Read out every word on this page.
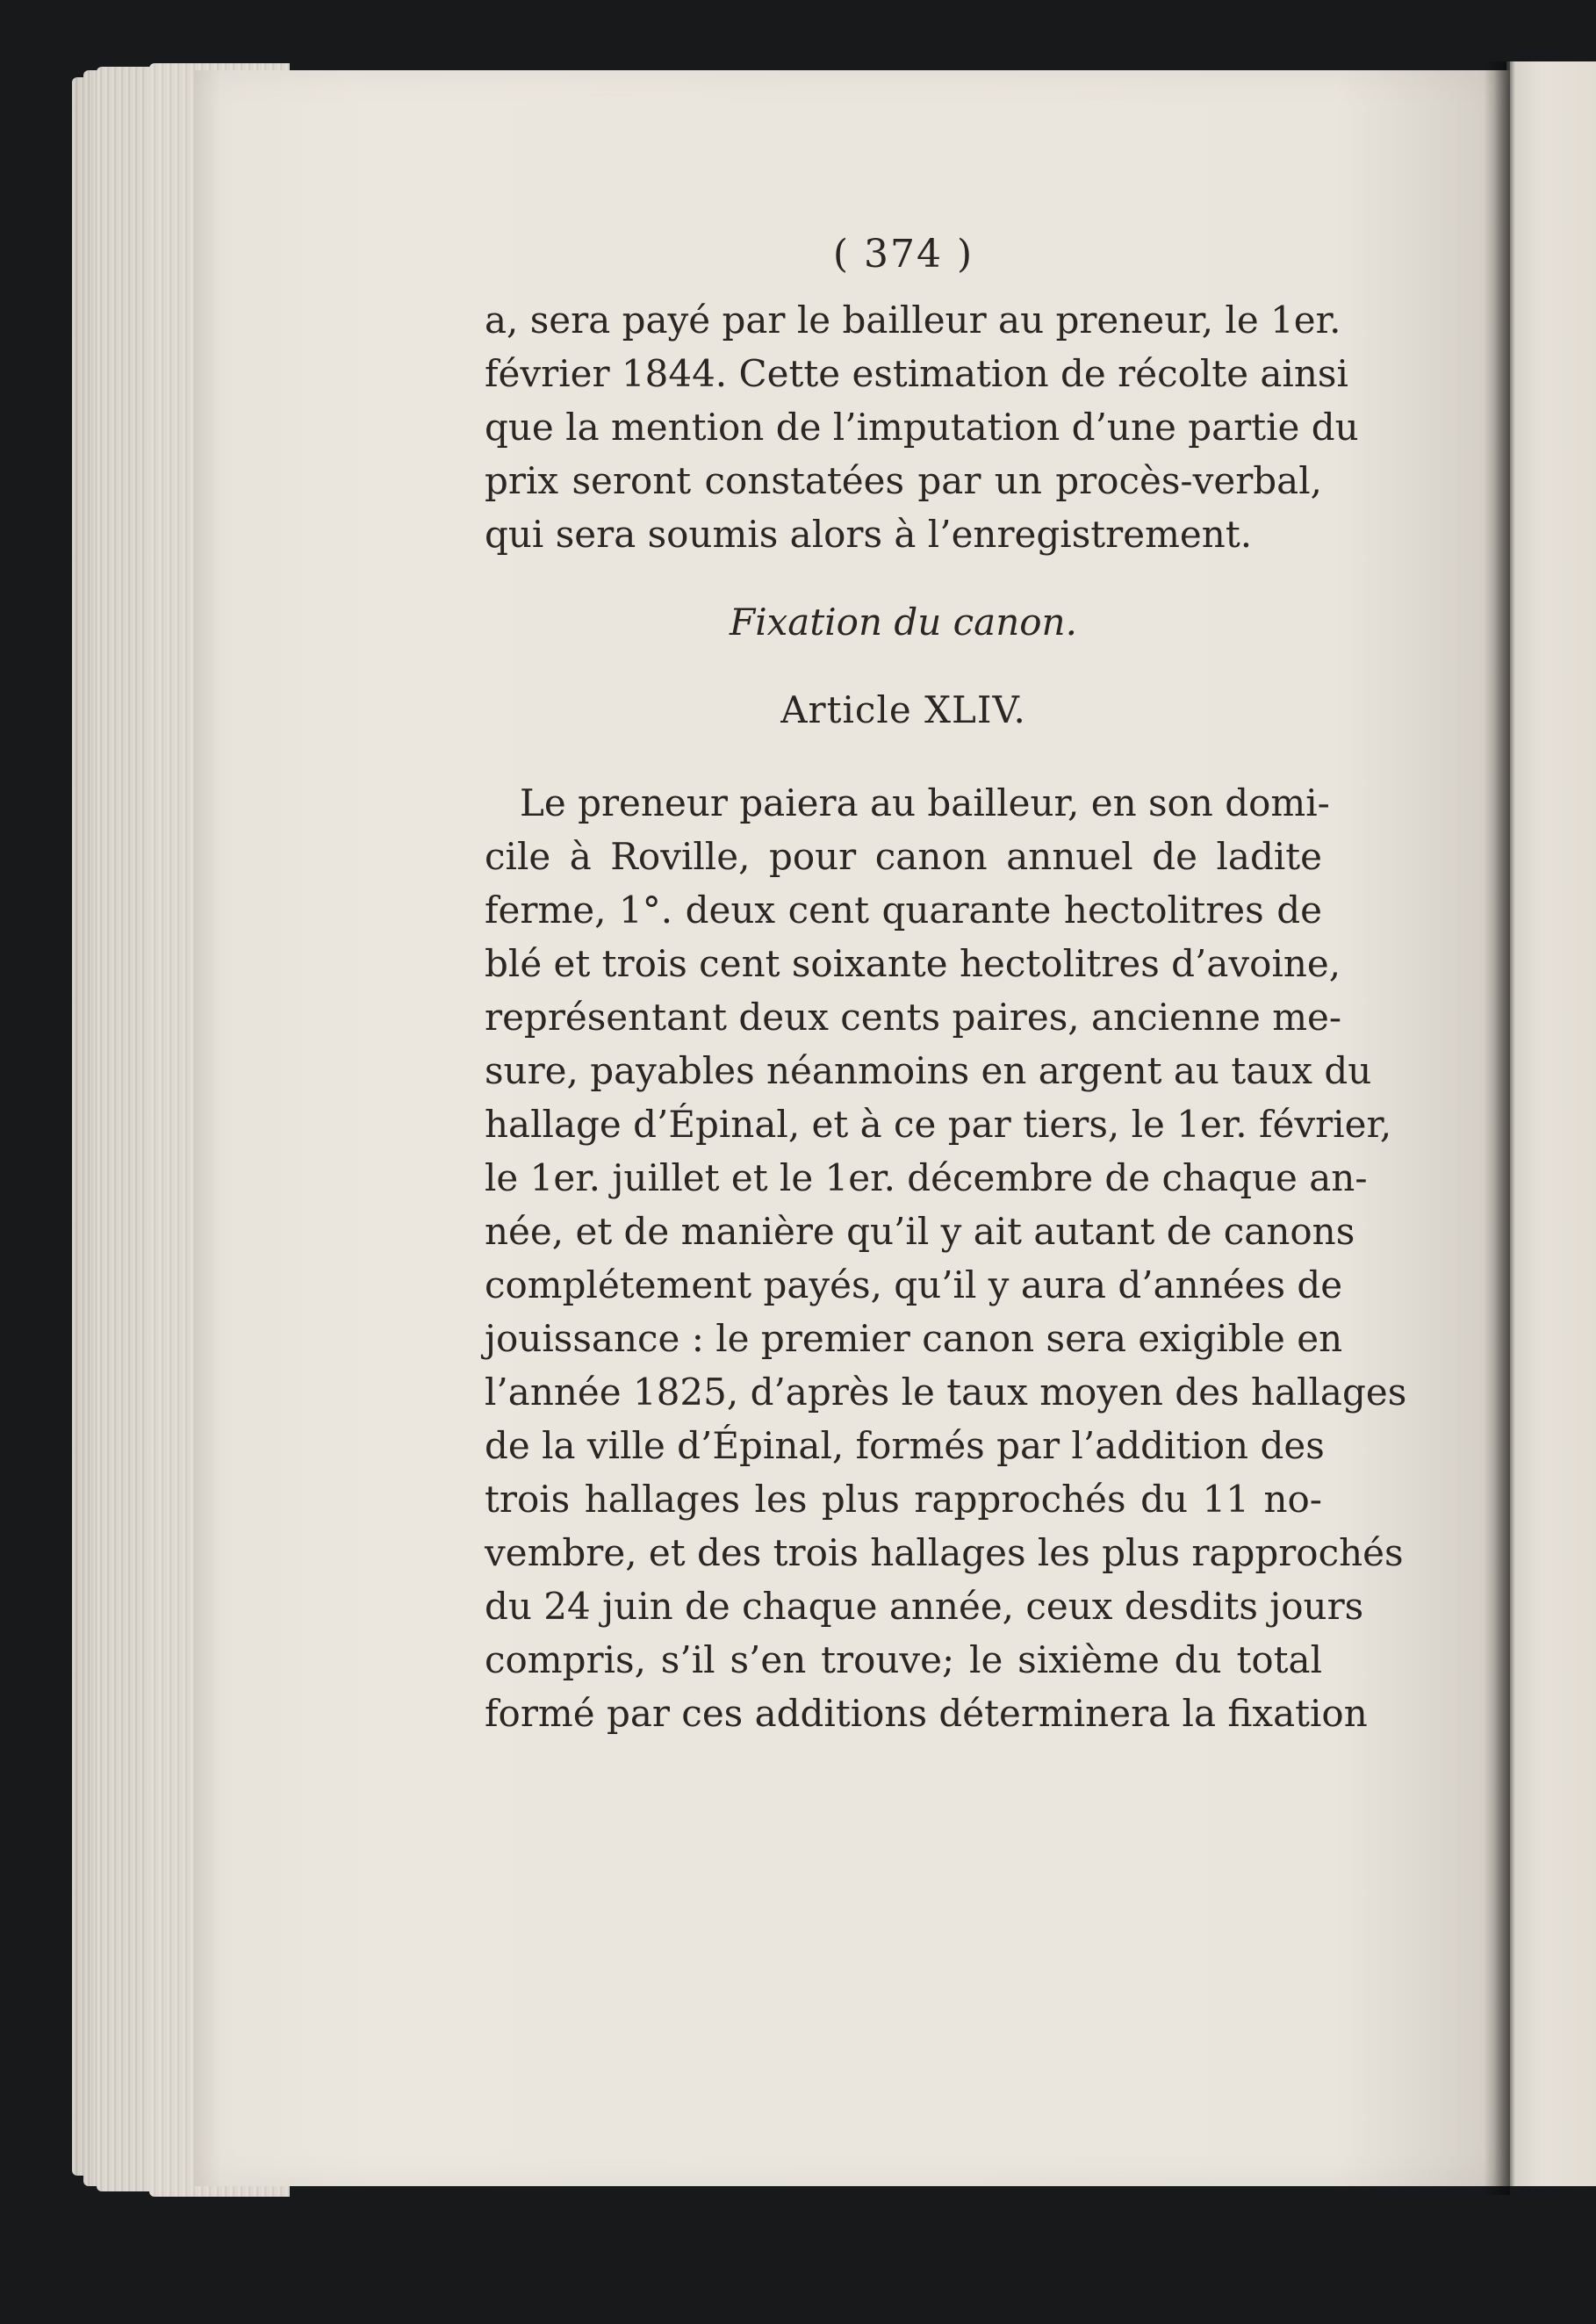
( 374 )
a, sera payé par le bailleur au preneur, le 1er.
février 1844. Cette estimation de récolte ainsi
que la mention de l’imputation d’une partie du
prix seront constatées par un procès-verbal,
qui sera soumis alors à l’enregistrement.
Fixation du canon.
Article XLIV.
Le preneur paiera au bailleur, en son domi-
cile à Roville, pour canon annuel de ladite
ferme, 1°. deux cent quarante hectolitres de
blé et trois cent soixante hectolitres d’avoine,
représentant deux cents paires, ancienne me-
sure, payables néanmoins en argent au taux du
hallage d’Épinal, et à ce par tiers, le 1er. février,
le 1er. juillet et le 1er. décembre de chaque an-
née, et de manière qu’il y ait autant de canons
complétement payés, qu’il y aura d’années de
jouissance : le premier canon sera exigible en
l’année 1825, d’après le taux moyen des hallages
de la ville d’Épinal, formés par l’addition des
trois hallages les plus rapprochés du 11 no-
vembre, et des trois hallages les plus rapprochés
du 24 juin de chaque année, ceux desdits jours
compris, s’il s’en trouve; le sixième du total
formé par ces additions déterminera la fixation
